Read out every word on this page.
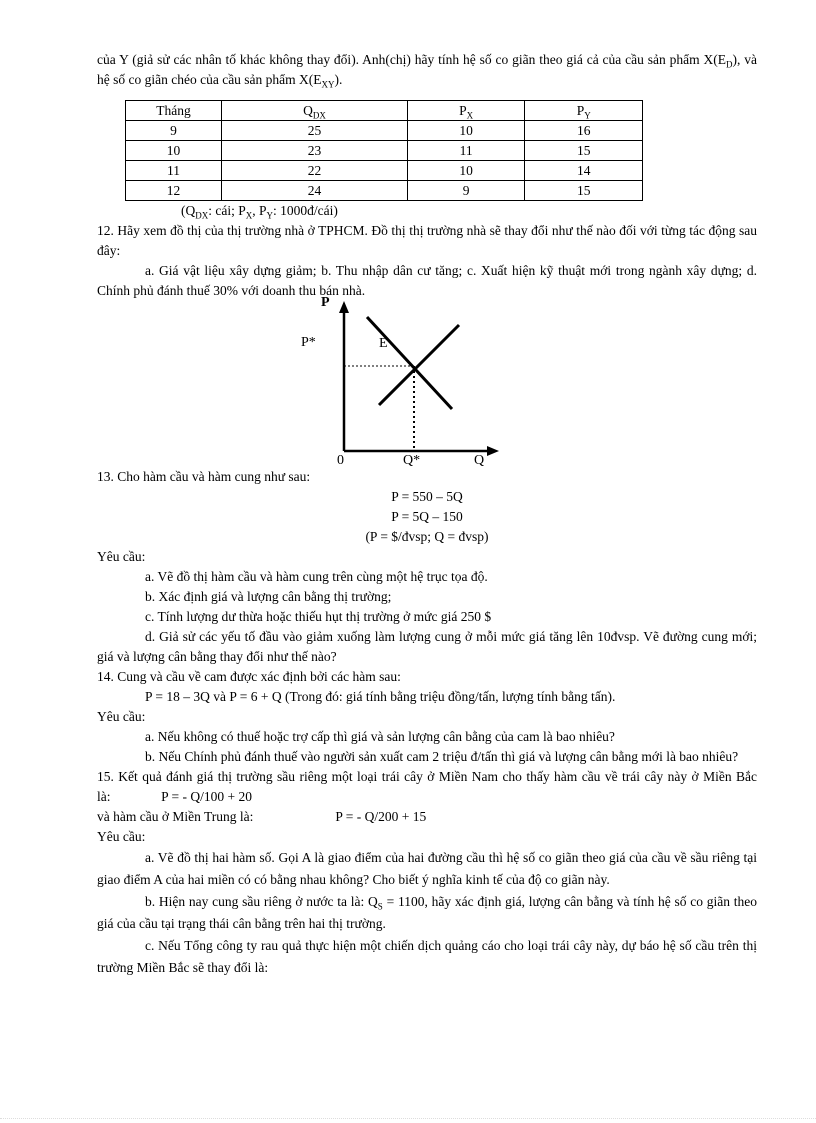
của Y (giả sử các nhân tố khác không thay đổi). Anh(chị) hãy tính hệ số co giãn theo giá cả của cầu sản phẩm $X(E_D)$, và hệ số co giãn chéo của cầu sản phẩm $X(E_{XY})$.

Tháng	$Q_{DX}$	$P_X$	$P_Y$
9	25	10	16
10	23	11	15
11	22	10	14
12	24	9	15

($Q_{DX}$: cái; $P_X$, $P_Y$: 1000đ/cái)

12. Hãy xem đồ thị của thị trường nhà ở TPHCM. Đồ thị thị trường nhà sẽ thay đổi như thế nào đối với từng tác động sau đây:

a. Giá vật liệu xây dựng giảm; b. Thu nhập dân cư tăng; c. Xuất hiện kỹ thuật mới trong ngành xây dựng; d. Chính phủ đánh thuế 30% với doanh thu bán nhà.

P
P*	E
0	Q*	Q

13. Cho hàm cầu và hàm cung như sau:

P = 550 – 5Q

P = 5Q – 150

(P = $/đvsp; Q = đvsp)

Yêu cầu:

a. Vẽ đồ thị hàm cầu và hàm cung trên cùng một hệ trục tọa độ.

b. Xác định giá và lượng cân bằng thị trường;

c. Tính lượng dư thừa hoặc thiếu hụt thị trường ở mức giá 250 $

d. Giả sử các yếu tố đầu vào giảm xuống làm lượng cung ở mỗi mức giá tăng lên 10đvsp. Vẽ đường cung mới; giá và lượng cân bằng thay đổi như thế nào?

14. Cung và cầu về cam được xác định bởi các hàm sau:

P = 18 – 3Q và P = 6 + Q (Trong đó: giá tính bằng triệu đồng/tấn, lượng tính bằng tấn).

Yêu cầu:

a. Nếu không có thuế hoặc trợ cấp thì giá và sản lượng cân bằng của cam là bao nhiêu?

b. Nếu Chính phủ đánh thuế vào người sản xuất cam 2 triệu đ/tấn thì giá và lượng cân bằng mới là bao nhiêu?

15. Kết quả đánh giá thị trường sầu riêng một loại trái cây ở Miền Nam cho thấy hàm cầu về trái cây này ở Miền Bắc là:	P = - Q/100 + 20

và hàm cầu ở Miền Trung là:	P = - Q/200 + 15

Yêu cầu:

a. Vẽ đồ thị hai hàm số. Gọi A là giao điểm của hai đường cầu thì hệ số co giãn theo giá của cầu về sầu riêng tại giao điểm A của hai miền có có bằng nhau không? Cho biết ý nghĩa kinh tế của độ co giãn này.

b. Hiện nay cung sầu riêng ở nước ta là: $Q_S = 1100$, hãy xác định giá, lượng cân bằng và tính hệ số co giãn theo giá của cầu tại trạng thái cân bằng trên hai thị trường.

c. Nếu Tổng công ty rau quả thực hiện một chiến dịch quảng cáo cho loại trái cây này, dự báo hệ số cầu trên thị trường Miền Bắc sẽ thay đổi là:
